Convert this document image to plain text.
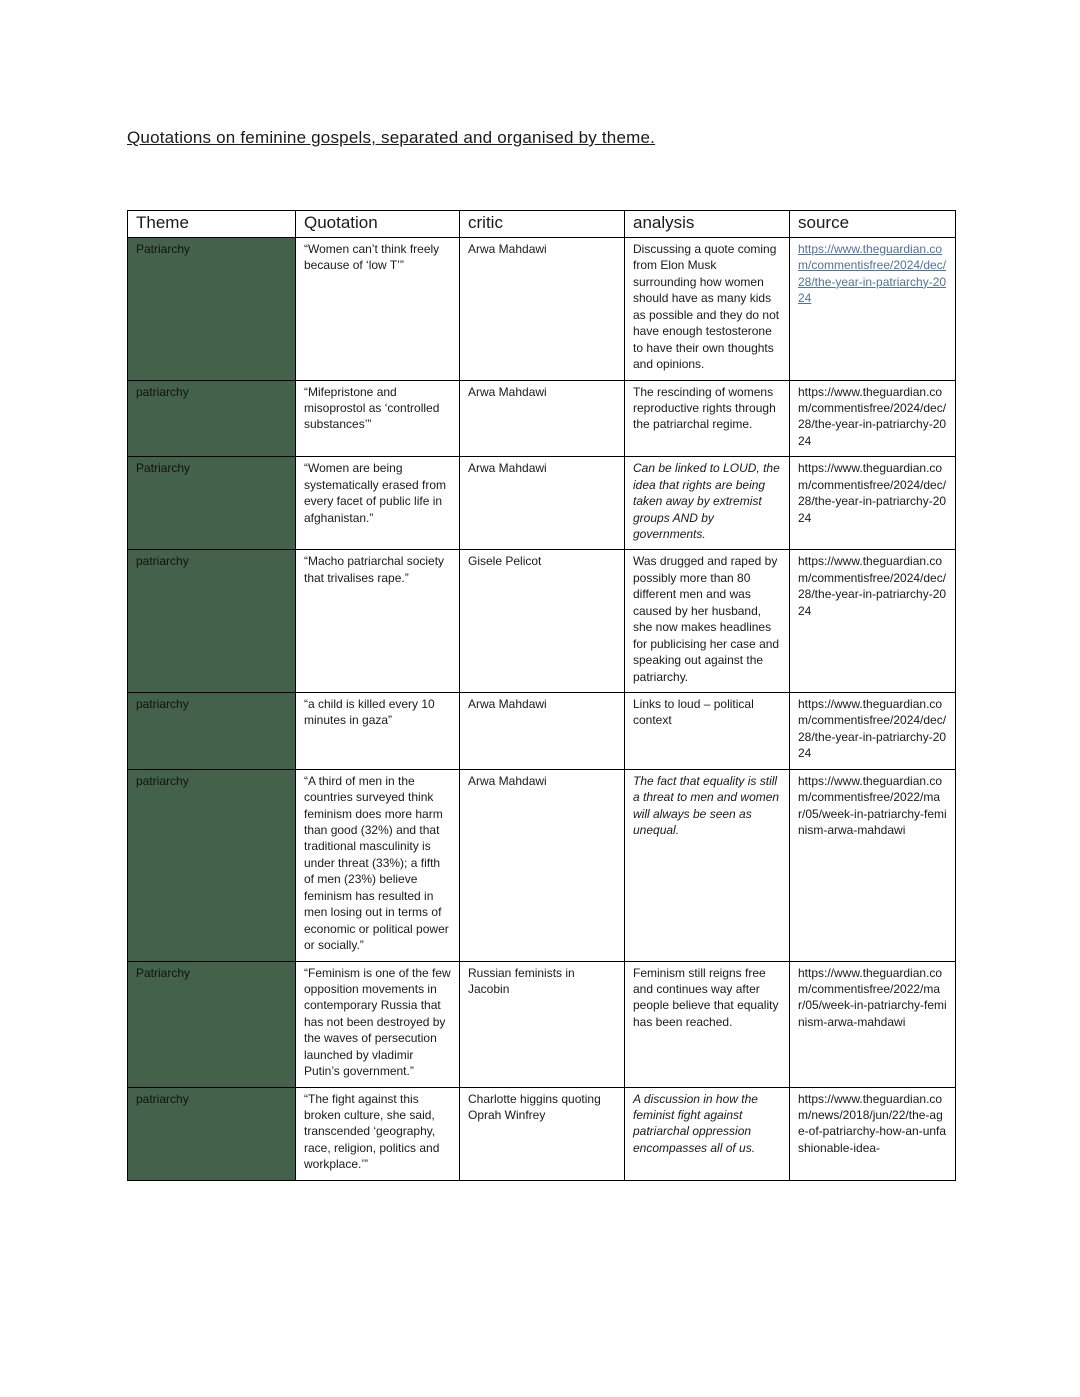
Quotations on feminine gospels, separated and organised by theme.
Theme	Quotation	critic	analysis	source
Patriarchy	“Women can’t think freely because of ‘low T’”	Arwa Mahdawi	Discussing a quote coming from Elon Musk surrounding how women should have as many kids as possible and they do not have enough testosterone to have their own thoughts and opinions.	https://www.theguardian.com/commentisfree/2024/dec/28/the-year-in-patriarchy-2024
patriarchy	“Mifepristone and misoprostol as ‘controlled substances’”	Arwa Mahdawi	The rescinding of womens reproductive rights through the patriarchal regime.	https://www.theguardian.com/commentisfree/2024/dec/28/the-year-in-patriarchy-2024
Patriarchy	“Women are being systematically erased from every facet of public life in afghanistan.”	Arwa Mahdawi	Can be linked to LOUD, the idea that rights are being taken away by extremist groups AND by governments.	https://www.theguardian.com/commentisfree/2024/dec/28/the-year-in-patriarchy-2024
patriarchy	“Macho patriarchal society that trivalises rape.”	Gisele Pelicot	Was drugged and raped by possibly more than 80 different men and was caused by her husband, she now makes headlines for publicising her case and speaking out against the patriarchy.	https://www.theguardian.com/commentisfree/2024/dec/28/the-year-in-patriarchy-2024
patriarchy	“a child is killed every 10 minutes in gaza”	Arwa Mahdawi	Links to loud – political context	https://www.theguardian.com/commentisfree/2024/dec/28/the-year-in-patriarchy-2024
patriarchy	“A third of men in the countries surveyed think feminism does more harm than good (32%) and that traditional masculinity is under threat (33%); a fifth of men (23%) believe feminism has resulted in men losing out in terms of economic or political power or socially.”	Arwa Mahdawi	The fact that equality is still a threat to men and women will always be seen as unequal.	https://www.theguardian.com/commentisfree/2022/mar/05/week-in-patriarchy-feminism-arwa-mahdawi
Patriarchy	“Feminism is one of the few opposition movements in contemporary Russia that has not been destroyed by the waves of persecution launched by vladimir Putin’s government.”	Russian feminists in Jacobin	Feminism still reigns free and continues way after people believe that equality has been reached.	https://www.theguardian.com/commentisfree/2022/mar/05/week-in-patriarchy-feminism-arwa-mahdawi
patriarchy	“The fight against this broken culture, she said, transcended ‘geography, race, religion, politics and workplace.’”	Charlotte higgins quoting Oprah Winfrey	A discussion in how the feminist fight against patriarchal oppression encompasses all of us.	https://www.theguardian.com/news/2018/jun/22/the-age-of-patriarchy-how-an-unfashionable-idea-
